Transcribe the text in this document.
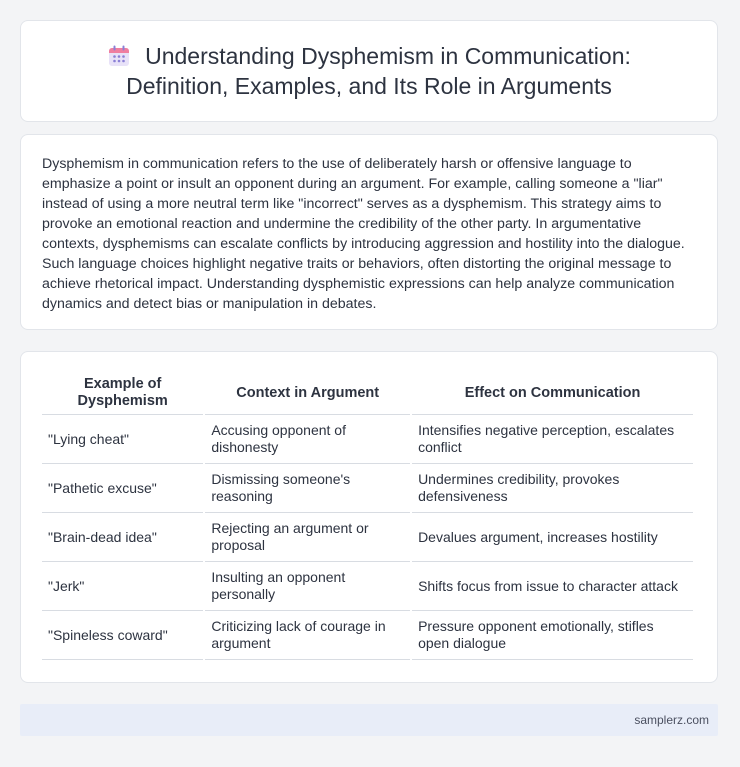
Understanding Dysphemism in Communication: Definition, Examples, and Its Role in Arguments

Dysphemism in communication refers to the use of deliberately harsh or offensive language to emphasize a point or insult an opponent during an argument. For example, calling someone a "liar" instead of using a more neutral term like "incorrect" serves as a dysphemism. This strategy aims to provoke an emotional reaction and undermine the credibility of the other party. In argumentative contexts, dysphemisms can escalate conflicts by introducing aggression and hostility into the dialogue. Such language choices highlight negative traits or behaviors, often distorting the original message to achieve rhetorical impact. Understanding dysphemistic expressions can help analyze communication dynamics and detect bias or manipulation in debates.

Example of Dysphemism	Context in Argument	Effect on Communication
"Lying cheat"	Accusing opponent of dishonesty	Intensifies negative perception, escalates conflict
"Pathetic excuse"	Dismissing someone's reasoning	Undermines credibility, provokes defensiveness
"Brain-dead idea"	Rejecting an argument or proposal	Devalues argument, increases hostility
"Jerk"	Insulting an opponent personally	Shifts focus from issue to character attack
"Spineless coward"	Criticizing lack of courage in argument	Pressure opponent emotionally, stifles open dialogue
samplerz.com
